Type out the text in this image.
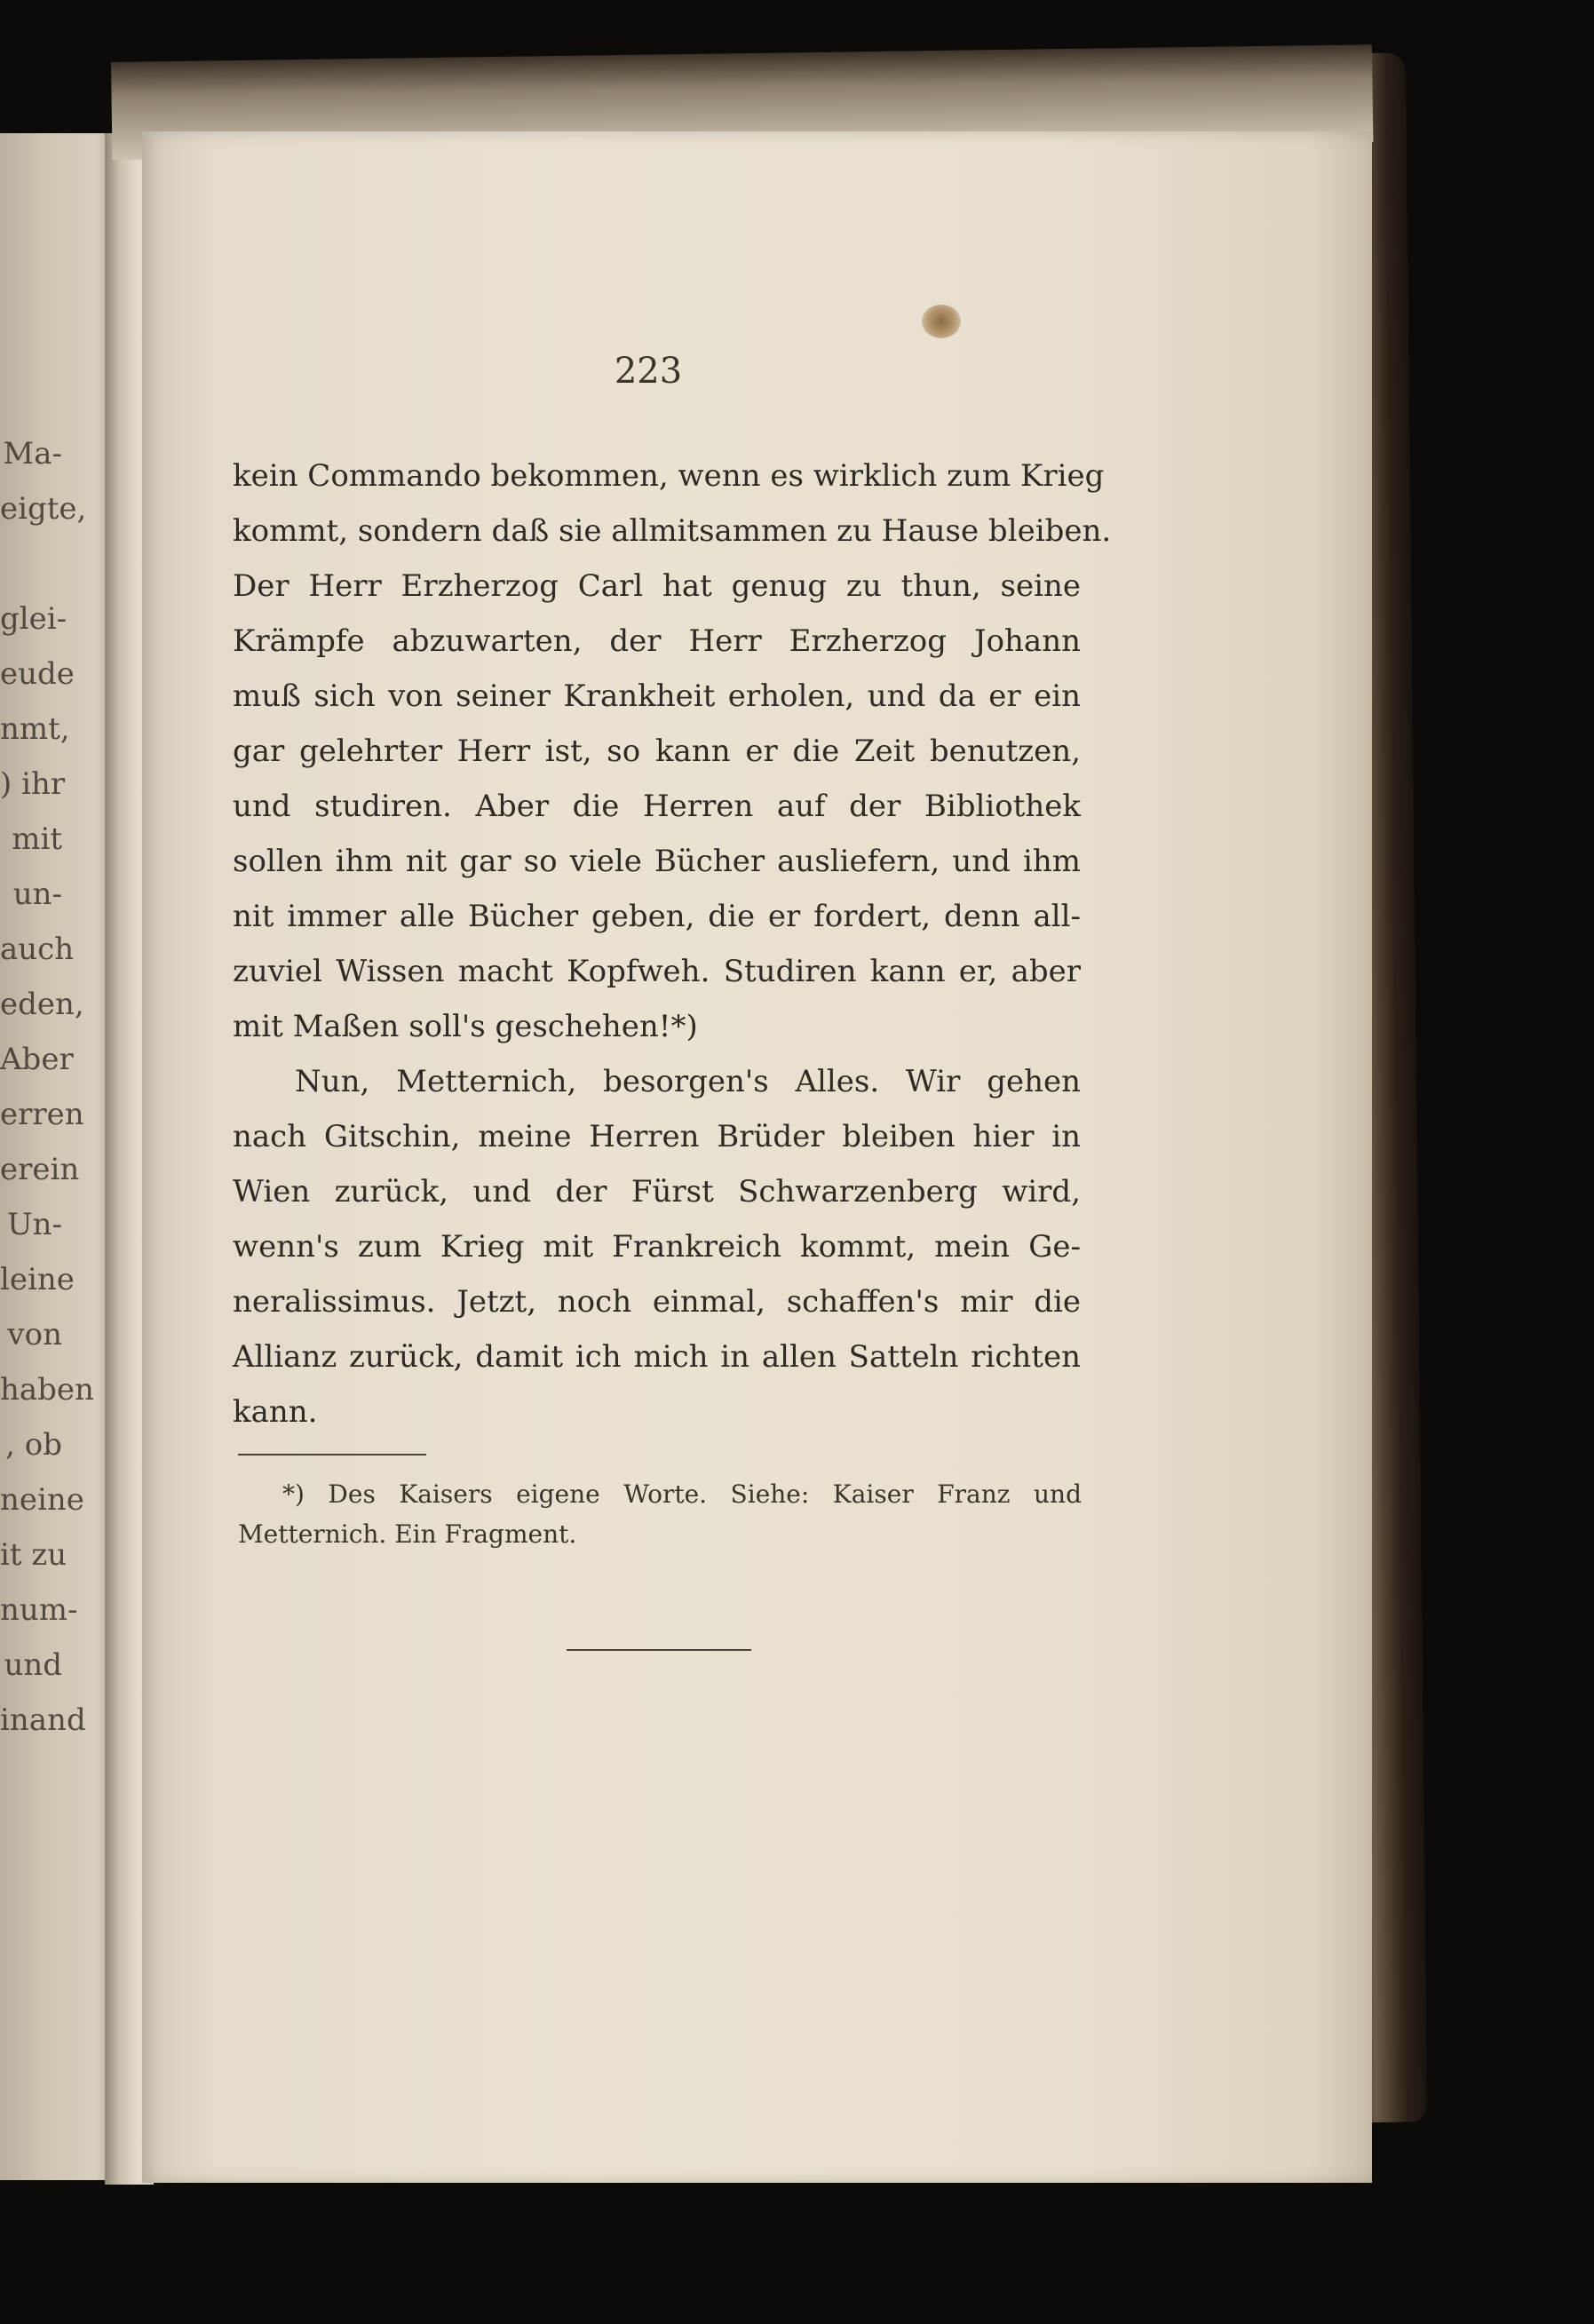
Ma-
eigte,
glei-
eude
nmt,
) ihr
mit
un-
auch
eden,
Aber
erren
erein
Un-
leine
von
haben
, ob
neine
it zu
num-
und
inand
223
kein Commando bekommen, wenn es wirklich zum Krieg
kommt, sondern daß sie allmitsammen zu Hause bleiben.
Der Herr Erzherzog Carl hat genug zu thun, seine
Krämpfe abzuwarten, der Herr Erzherzog Johann
muß sich von seiner Krankheit erholen, und da er ein
gar gelehrter Herr ist, so kann er die Zeit benutzen,
und studiren. Aber die Herren auf der Bibliothek
sollen ihm nit gar so viele Bücher ausliefern, und ihm
nit immer alle Bücher geben, die er fordert, denn all-
zuviel Wissen macht Kopfweh. Studiren kann er, aber
mit Maßen soll's geschehen!*)
Nun, Metternich, besorgen's Alles. Wir gehen
nach Gitschin, meine Herren Brüder bleiben hier in
Wien zurück, und der Fürst Schwarzenberg wird,
wenn's zum Krieg mit Frankreich kommt, mein Ge-
neralissimus. Jetzt, noch einmal, schaffen's mir die
Allianz zurück, damit ich mich in allen Satteln richten
kann.
*) Des Kaisers eigene Worte. Siehe: Kaiser Franz und
Metternich. Ein Fragment.
